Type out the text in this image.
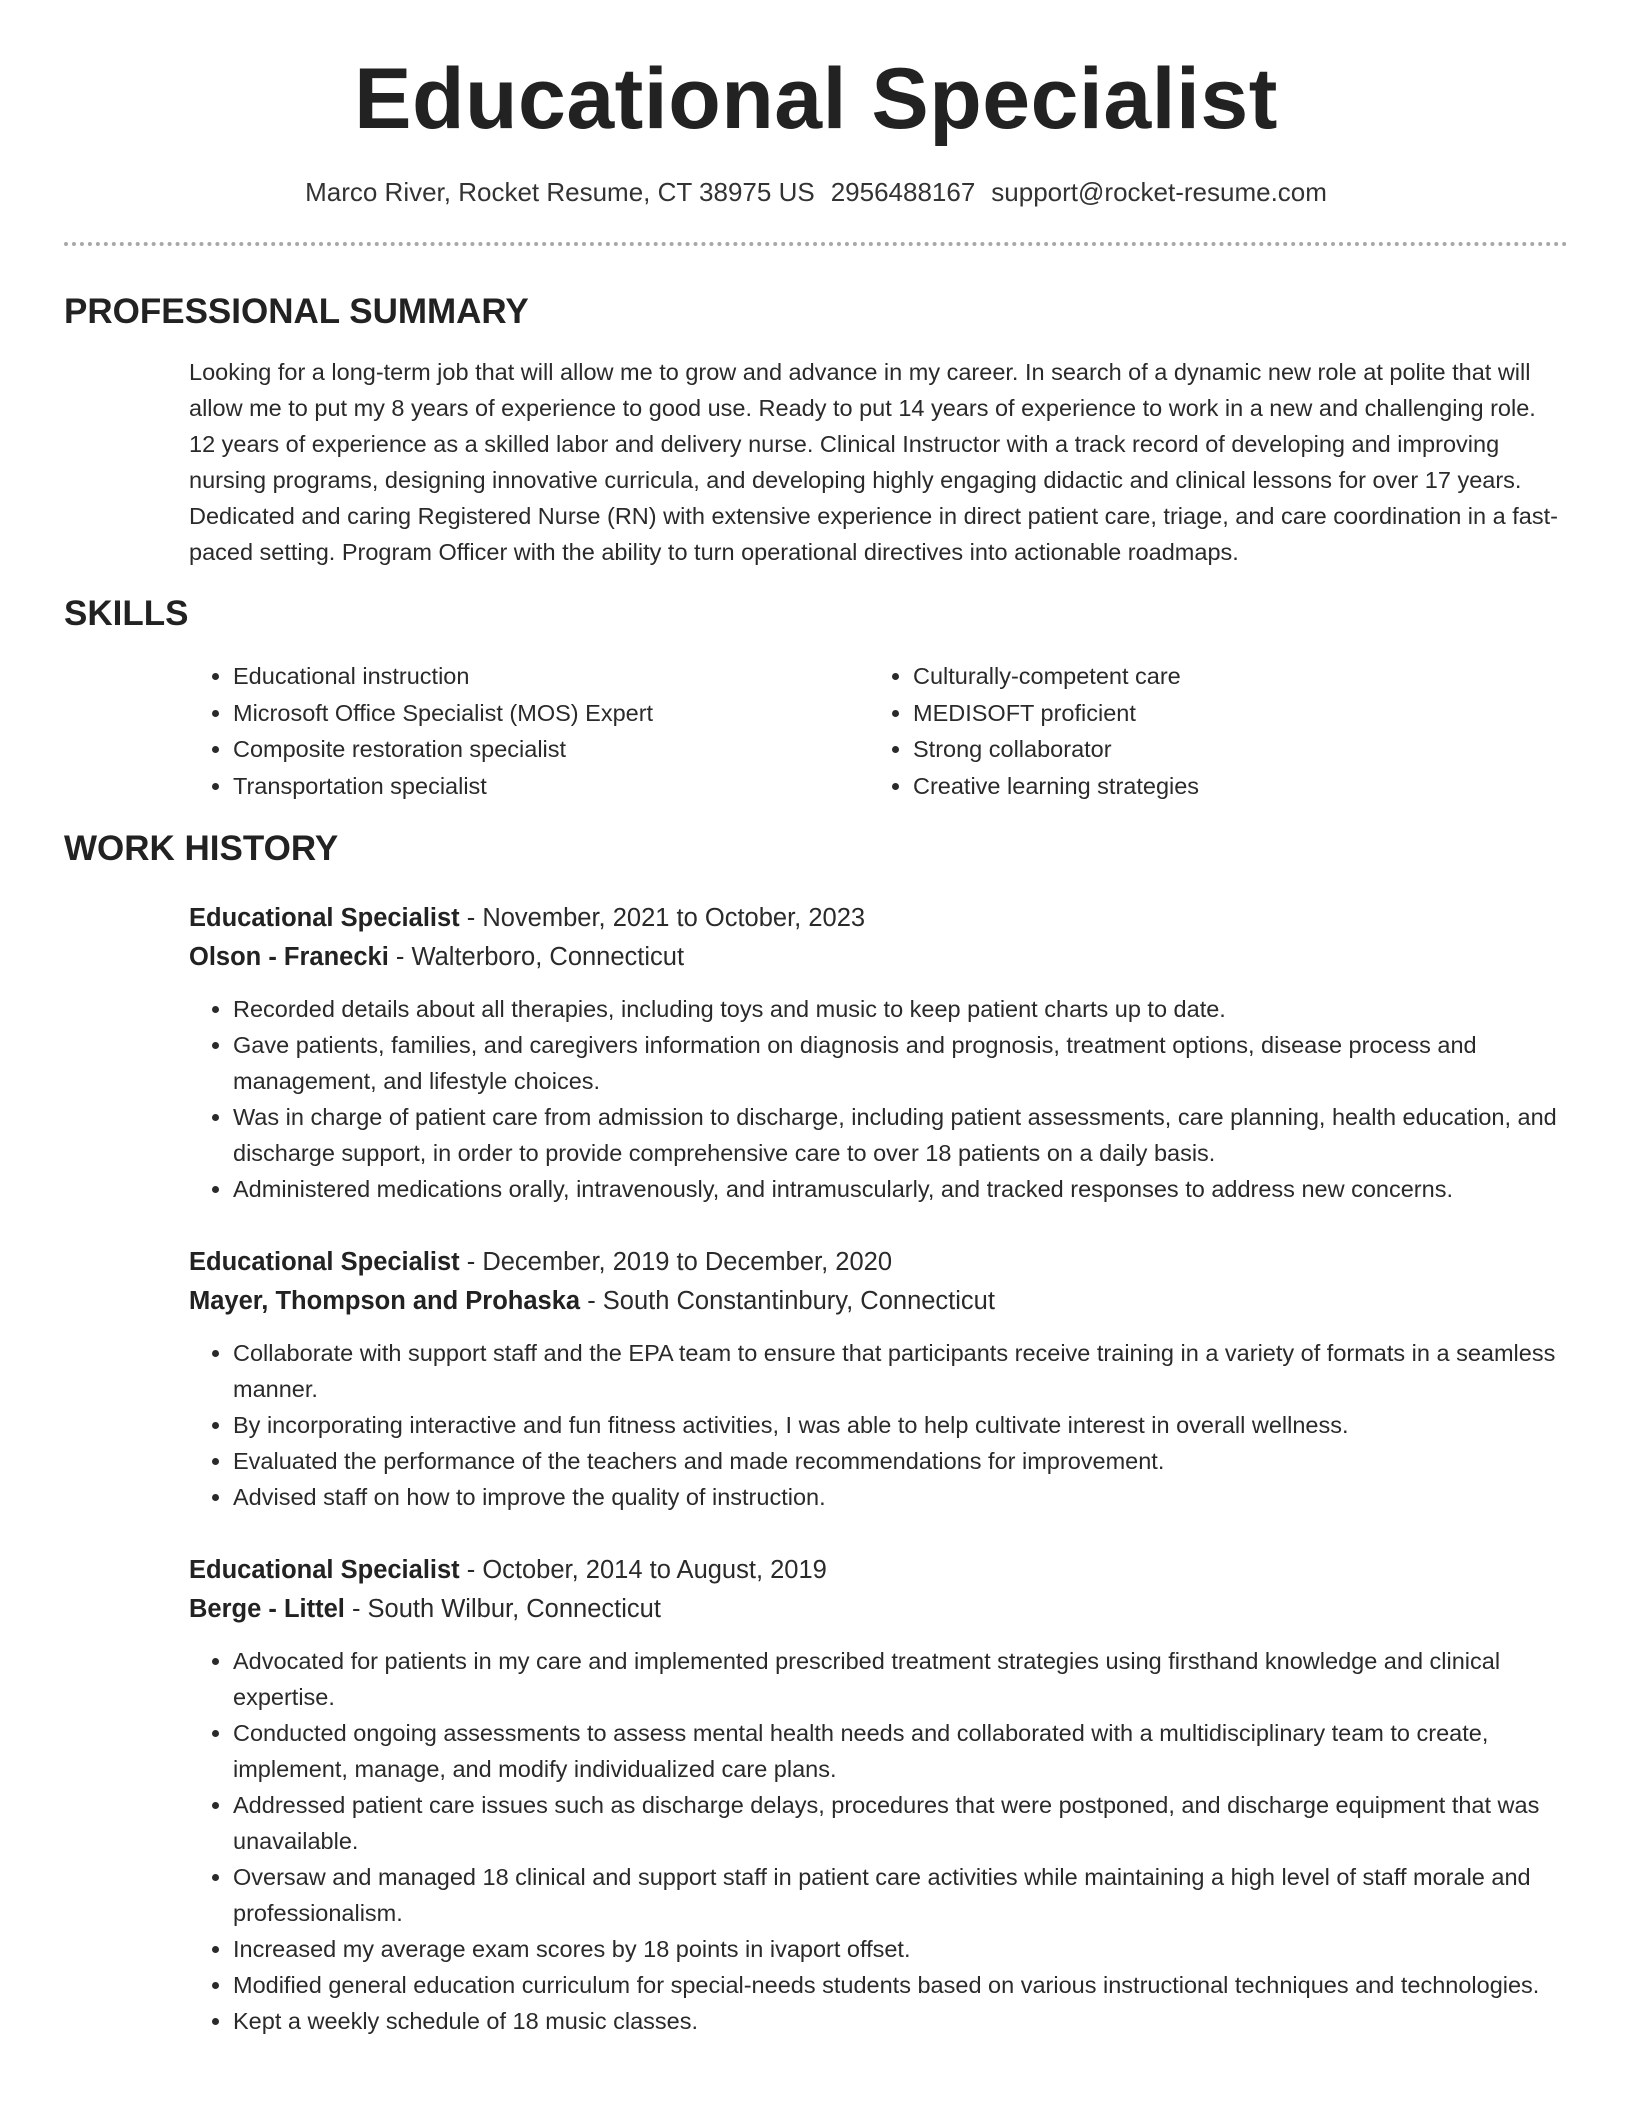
Educational Specialist
Marco River, Rocket Resume, CT 38975 US 2956488167 support@rocket-resume.com
PROFESSIONAL SUMMARY

Looking for a long-term job that will allow me to grow and advance in my career. In search of a dynamic new role at polite that will allow me to put my 8 years of experience to good use. Ready to put 14 years of experience to work in a new and challenging role. 12 years of experience as a skilled labor and delivery nurse. Clinical Instructor with a track record of developing and improving nursing programs, designing innovative curricula, and developing highly engaging didactic and clinical lessons for over 17 years. Dedicated and caring Registered Nurse (RN) with extensive experience in direct patient care, triage, and care coordination in a fast-paced setting. Program Officer with the ability to turn operational directives into actionable roadmaps.

SKILLS
• Educational instruction
• Microsoft Office Specialist (MOS) Expert
• Composite restoration specialist
• Transportation specialist
• Culturally-competent care
• MEDISOFT proficient
• Strong collaborator
• Creative learning strategies
WORK HISTORY
Educational Specialist - November, 2021 to October, 2023
Olson - Franecki - Walterboro, Connecticut
• Recorded details about all therapies, including toys and music to keep patient charts up to date.
• Gave patients, families, and caregivers information on diagnosis and prognosis, treatment options, disease process and management, and lifestyle choices.
• Was in charge of patient care from admission to discharge, including patient assessments, care planning, health education, and discharge support, in order to provide comprehensive care to over 18 patients on a daily basis.
• Administered medications orally, intravenously, and intramuscularly, and tracked responses to address new concerns.
Educational Specialist - December, 2019 to December, 2020
Mayer, Thompson and Prohaska - South Constantinbury, Connecticut
• Collaborate with support staff and the EPA team to ensure that participants receive training in a variety of formats in a seamless manner.
• By incorporating interactive and fun fitness activities, I was able to help cultivate interest in overall wellness.
• Evaluated the performance of the teachers and made recommendations for improvement.
• Advised staff on how to improve the quality of instruction.
Educational Specialist - October, 2014 to August, 2019
Berge - Littel - South Wilbur, Connecticut
• Advocated for patients in my care and implemented prescribed treatment strategies using firsthand knowledge and clinical expertise.
• Conducted ongoing assessments to assess mental health needs and collaborated with a multidisciplinary team to create, implement, manage, and modify individualized care plans.
• Addressed patient care issues such as discharge delays, procedures that were postponed, and discharge equipment that was unavailable.
• Oversaw and managed 18 clinical and support staff in patient care activities while maintaining a high level of staff morale and professionalism.
• Increased my average exam scores by 18 points in ivaport offset.
• Modified general education curriculum for special-needs students based on various instructional techniques and technologies.
• Kept a weekly schedule of 18 music classes.
